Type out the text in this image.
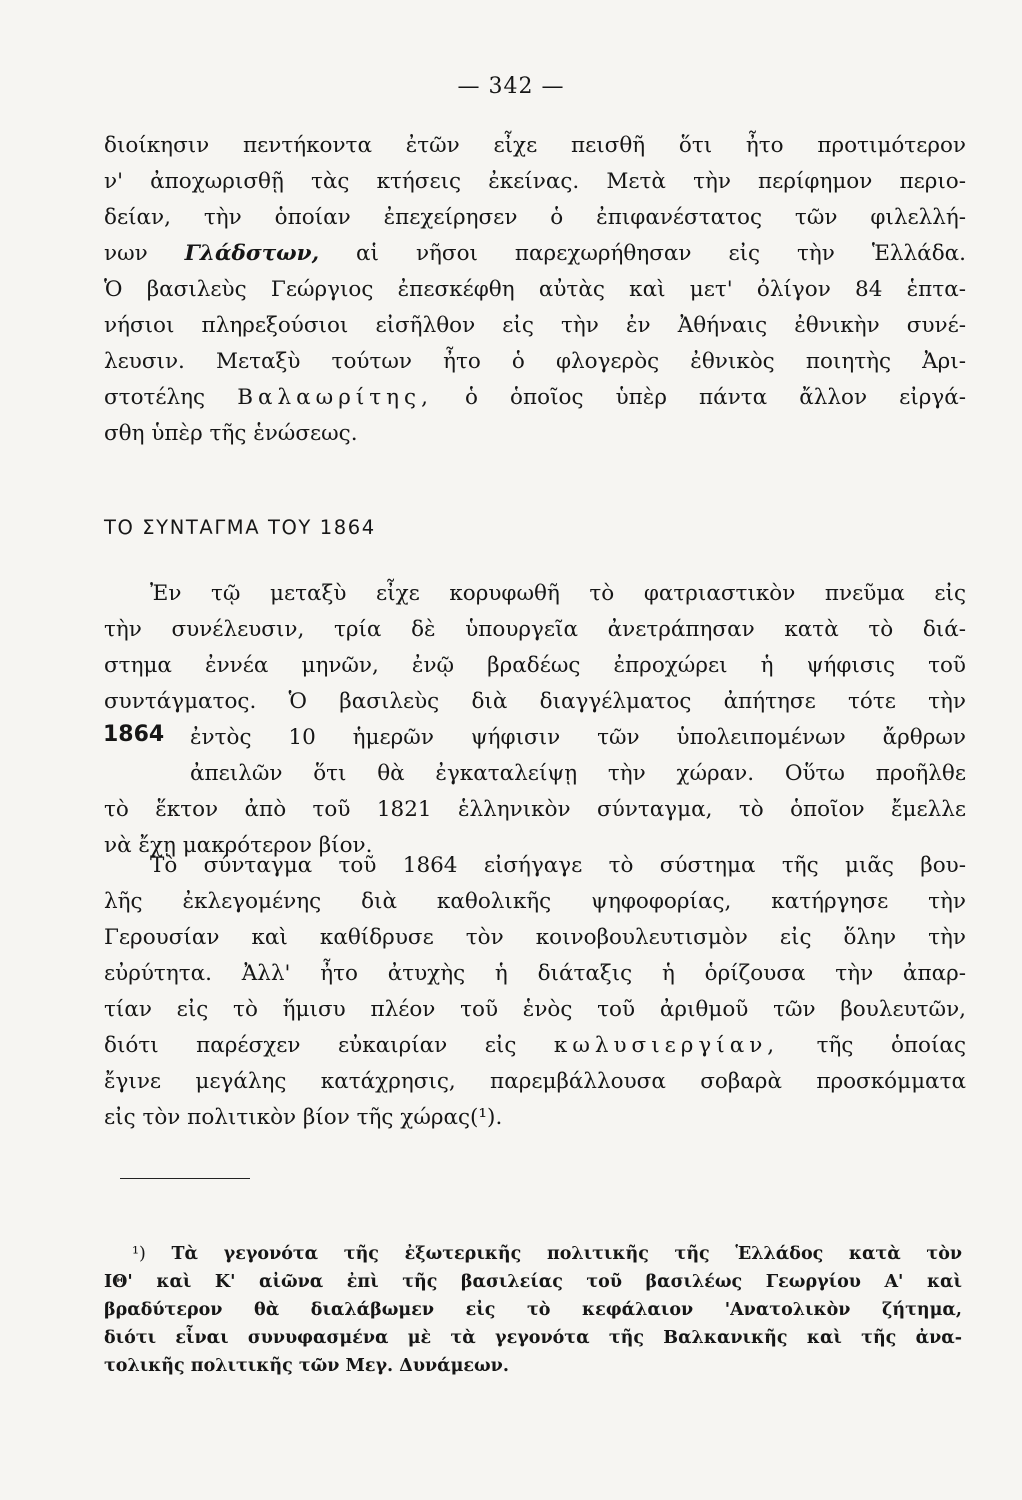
— 342 —
διοίκησιν πεντήκοντα ἐτῶν εἶχε πεισθῆ ὅτι ἦτο προτιμότερον
ν' ἀποχωρισθῇ τὰς κτήσεις ἐκείνας. Μετὰ τὴν περίφημον περιο-
δείαν, τὴν ὁποίαν ἐπεχείρησεν ὁ ἐπιφανέστατος τῶν φιλελλή-
νων Γλάδστων, αἱ νῆσοι παρεχωρήθησαν εἰς τὴν Ἑλλάδα.
Ὁ βασιλεὺς Γεώργιος ἐπεσκέφθη αὐτὰς καὶ μετ' ὀλίγον 84 ἑπτα-
νήσιοι πληρεξούσιοι εἰσῆλθον εἰς τὴν ἐν Ἀθήναις ἐθνικὴν συνέ-
λευσιν. Μεταξὺ τούτων ἦτο ὁ φλογερὸς ἐθνικὸς ποιητὴς Ἀρι-
στοτέλης Βαλαωρίτης, ὁ ὁποῖος ὑπὲρ πάντα ἄλλον εἰργά-
σθη ὑπὲρ τῆς ἑνώσεως.
ΤΟ ΣΥΝΤΑΓΜΑ ΤΟΥ 1864
Ἐν τῷ μεταξὺ εἶχε κορυφωθῆ τὸ φατριαστικὸν πνεῦμα εἰς
τὴν συνέλευσιν, τρία δὲ ὑπουργεῖα ἀνετράπησαν κατὰ τὸ διά-
στημα ἐννέα μηνῶν, ἐνῷ βραδέως ἐπροχώρει ἡ ψήφισις τοῦ
συντάγματος. Ὁ βασιλεὺς διὰ διαγγέλματος ἀπήτησε τότε τὴν
ἐντὸς 10 ἡμερῶν ψήφισιν τῶν ὑπολειπομένων ἄρθρων
ἀπειλῶν ὅτι θὰ ἐγκαταλείψῃ τὴν χώραν. Οὕτω προῆλθε
τὸ ἕκτον ἀπὸ τοῦ 1821 ἑλληνικὸν σύνταγμα, τὸ ὁποῖον ἔμελλε
νὰ ἔχῃ μακρότερον βίον.
1864
Τὸ σύνταγμα τοῦ 1864 εἰσήγαγε τὸ σύστημα τῆς μιᾶς βου-
λῆς ἐκλεγομένης διὰ καθολικῆς ψηφοφορίας, κατήργησε τὴν
Γερουσίαν καὶ καθίδρυσε τὸν κοινοβουλευτισμὸν εἰς ὅλην τὴν
εὐρύτητα. Ἀλλ' ἦτο ἀτυχὴς ἡ διάταξις ἡ ὁρίζουσα τὴν ἀπαρ-
τίαν εἰς τὸ ἥμισυ πλέον τοῦ ἑνὸς τοῦ ἀριθμοῦ τῶν βουλευτῶν,
διότι παρέσχεν εὐκαιρίαν εἰς κωλυσιεργίαν, τῆς ὁποίας
ἔγινε μεγάλης κατάχρησις, παρεμβάλλουσα σοβαρὰ προσκόμματα
εἰς τὸν πολιτικὸν βίον τῆς χώρας(¹).
¹) Τὰ γεγονότα τῆς ἐξωτερικῆς πολιτικῆς τῆς Ἑλλάδος κατὰ τὸν
ΙΘ' καὶ Κ' αἰῶνα ἐπὶ τῆς βασιλείας τοῦ βασιλέως Γεωργίου Α' καὶ
βραδύτερον θὰ διαλάβωμεν εἰς τὸ κεφάλαιον 'Ανατολικὸν ζήτημα,
διότι εἶναι συνυφασμένα μὲ τὰ γεγονότα τῆς Βαλκανικῆς καὶ τῆς ἀνα-
τολικῆς πολιτικῆς τῶν Μεγ. Δυνάμεων.
